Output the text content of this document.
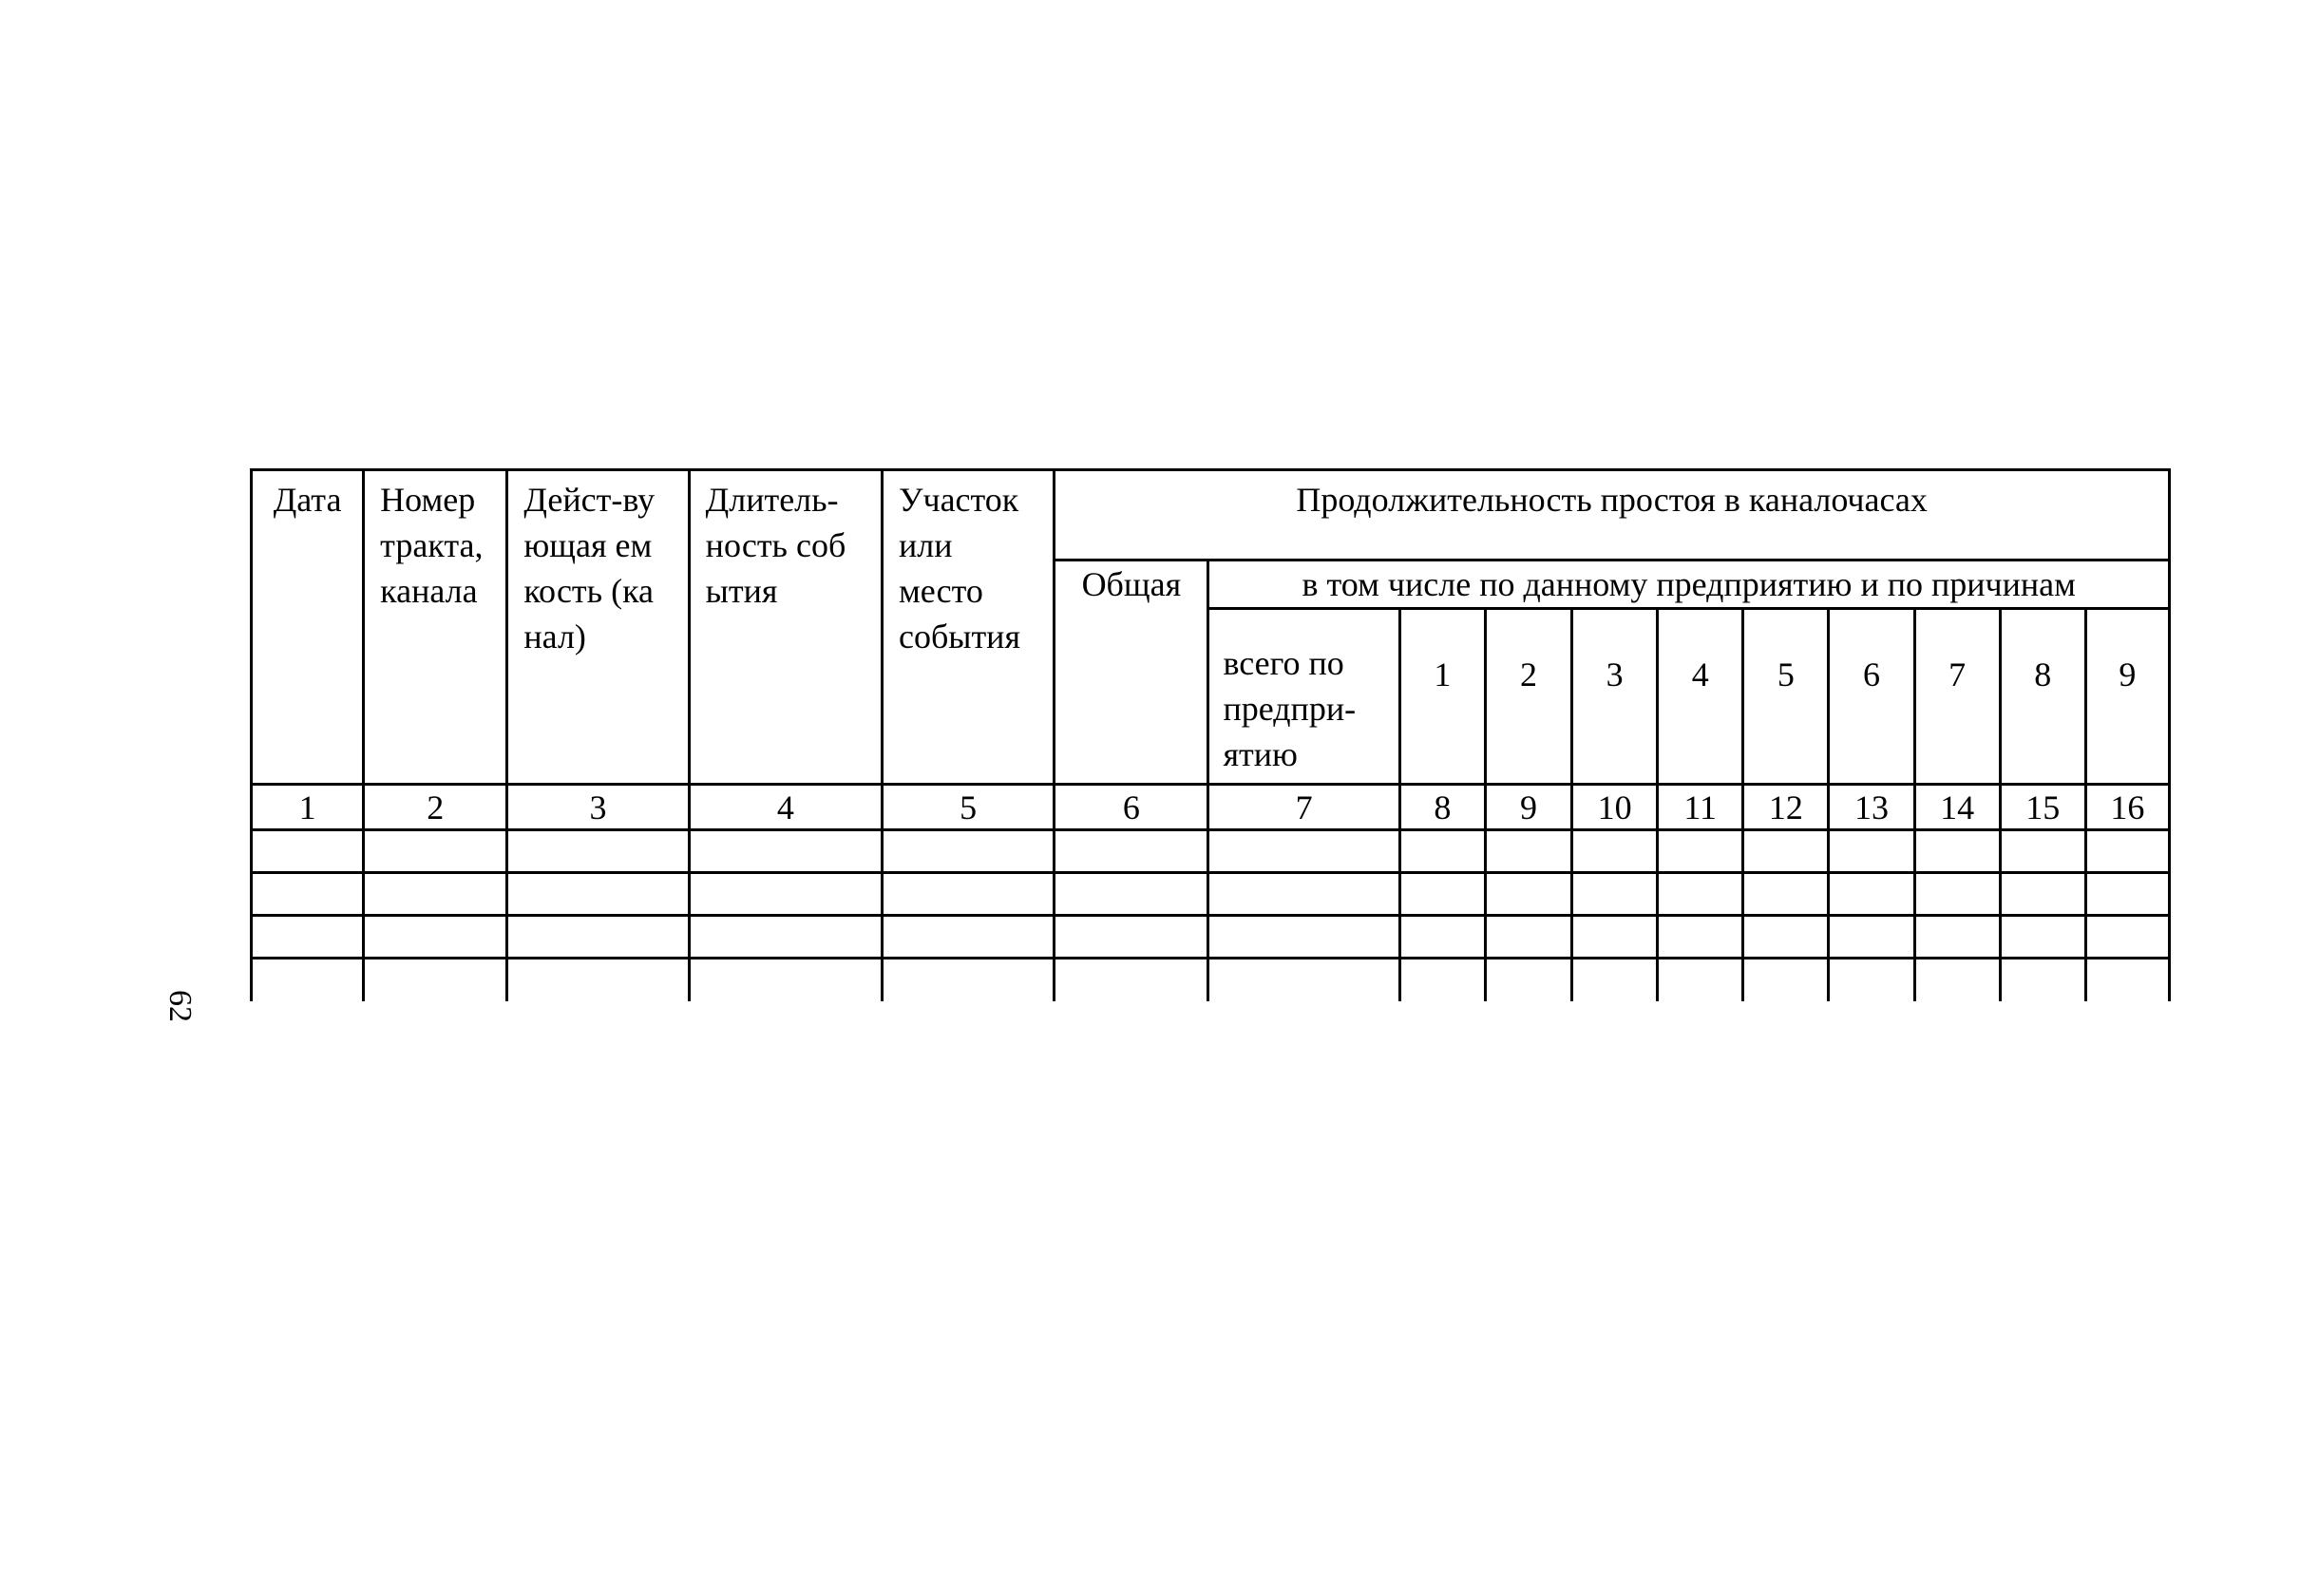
62
Дата	Номер тракта, канала	Дейст-вующая емкость (канал)	Длитель-ность события	Участок или место события	Продолжительность простоя в каналочасах										
					Общая	в том числе по данному предприятию и по причинам									

						всего по предпри-ятию	1	2	3	4	5	6	7	8	9
1	2	3	4	5	6	7	8	9	10	11	12	13	14	15	16
